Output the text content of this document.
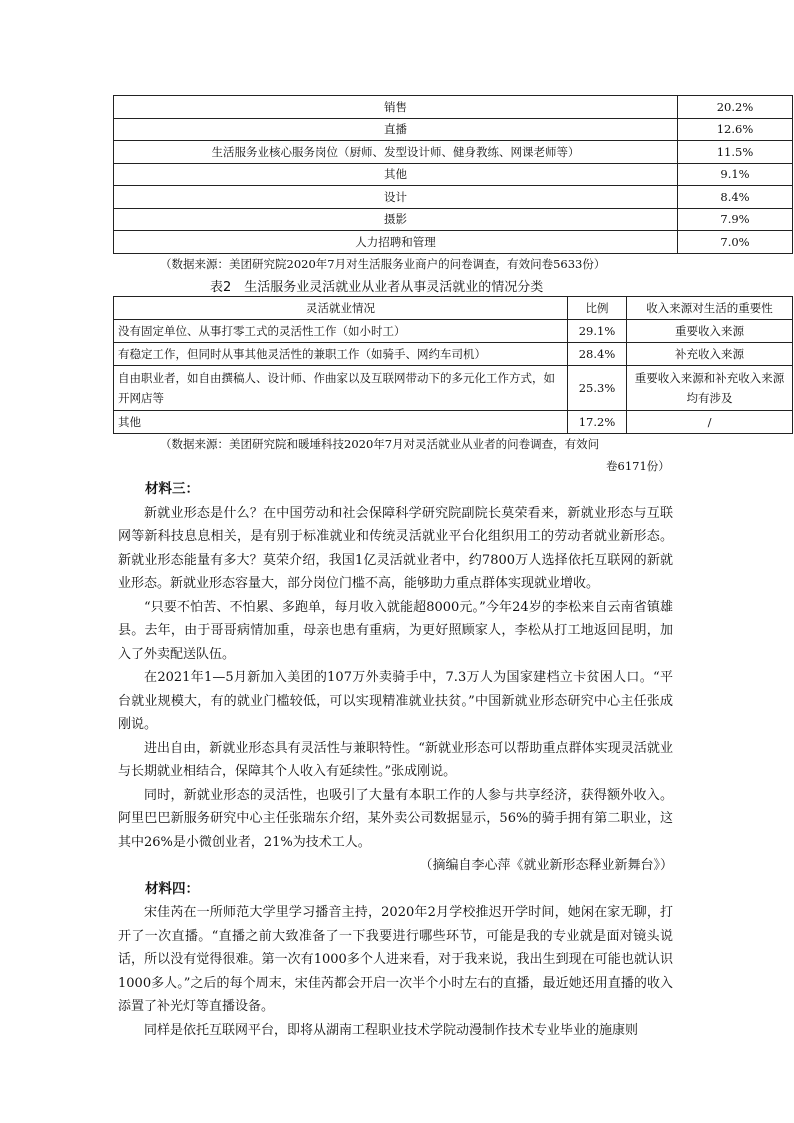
销售	20.2%
直播	12.6%
生活服务业核心服务岗位（厨师、发型设计师、健身教练、网课老师等）	11.5%
其他	9.1%
设计	8.4%
摄影	7.9%
人力招聘和管理	7.0%
（数据来源：美团研究院2020年7月对生活服务业商户的问卷调查，有效问卷5633份）
表2　生活服务业灵活就业从业者从事灵活就业的情况分类
灵活就业情况	比例	收入来源对生活的重要性
没有固定单位、从事打零工式的灵活性工作（如小时工）	29.1%	重要收入来源
有稳定工作，但同时从事其他灵活性的兼职工作（如骑手、网约车司机）	28.4%	补充收入来源
自由职业者，如自由撰稿人、设计师、作曲家以及互联网带动下的多元化工作方式，如开网店等	25.3%	重要收入来源和补充收入来源均有涉及
其他	17.2%	/
（数据来源：美团研究院和暖埵科技2020年7月对灵活就业从业者的问卷调查，有效问
卷6171份）
材料三：

新就业形态是什么？在中国劳动和社会保障科学研究院副院长莫荣看来，新就业形态与互联网等新科技息息相关，是有别于标准就业和传统灵活就业平台化组织用工的劳动者就业新形态。新就业形态能量有多大？莫荣介绍，我国1亿灵活就业者中，约7800万人选择依托互联网的新就业形态。新就业形态容量大，部分岗位门槛不高，能够助力重点群体实现就业增收。

“只要不怕苦、不怕累、多跑单，每月收入就能超8000元。”今年24岁的李松来自云南省镇雄县。去年，由于哥哥病情加重，母亲也患有重病，为更好照顾家人，李松从打工地返回昆明，加入了外卖配送队伍。

在2021年1—5月新加入美团的107万外卖骑手中，7.3万人为国家建档立卡贫困人口。“平台就业规模大，有的就业门槛较低，可以实现精准就业扶贫。”中国新就业形态研究中心主任张成刚说。

进出自由，新就业形态具有灵活性与兼职特性。“新就业形态可以帮助重点群体实现灵活就业与长期就业相结合，保障其个人收入有延续性。”张成刚说。

同时，新就业形态的灵活性，也吸引了大量有本职工作的人参与共享经济，获得额外收入。阿里巴巴新服务研究中心主任张瑞东介绍，某外卖公司数据显示，56%的骑手拥有第二职业，这其中26%是小微创业者，21%为技术工人。

（摘编自李心萍《就业新形态释业新舞台》）

材料四：

宋佳芮在一所师范大学里学习播音主持，2020年2月学校推迟开学时间，她闲在家无聊，打开了一次直播。“直播之前大致准备了一下我要进行哪些环节，可能是我的专业就是面对镜头说话，所以没有觉得很难。第一次有1000多个人进来看，对于我来说，我出生到现在可能也就认识1000多人。”之后的每个周末，宋佳芮都会开启一次半个小时左右的直播，最近她还用直播的收入添置了补光灯等直播设备。

同样是依托互联网平台，即将从湖南工程职业技术学院动漫制作技术专业毕业的施康则
